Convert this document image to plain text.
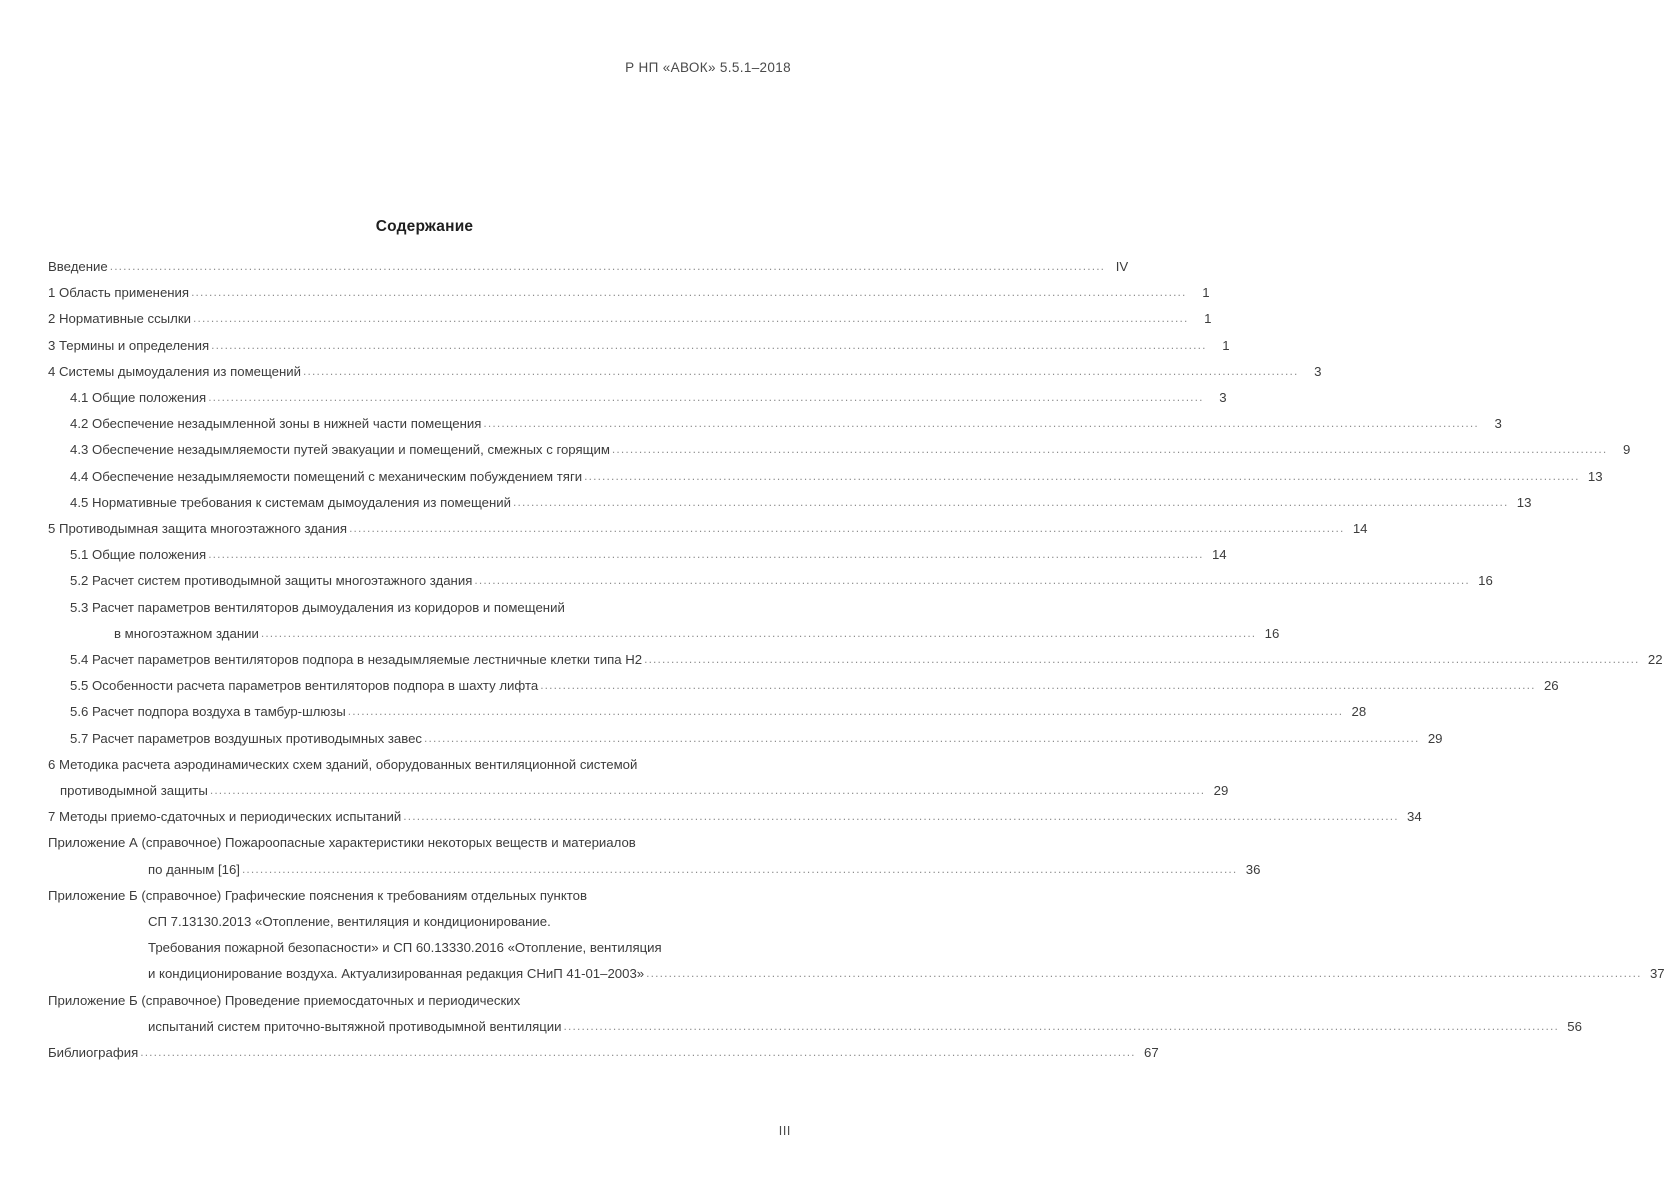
Р НП «АВОК» 5.5.1–2018
Содержание
Введение .....	IV
1 Область применения .....	1
2 Нормативные ссылки .....	1
3 Термины и определения .....	1
4 Системы дымоудаления из помещений .....	3
4.1 Общие положения .....	3
4.2 Обеспечение незадымленной зоны в нижней части помещения .....	3
4.3 Обеспечение незадымляемости путей эвакуации и помещений, смежных с горящим .....	9
4.4 Обеспечение незадымляемости помещений с механическим побуждением тяги .....	13
4.5 Нормативные требования к системам дымоудаления из помещений .....	13
5 Противодымная защита многоэтажного здания .....	14
5.1 Общие положения .....	14
5.2 Расчет систем противодымной защиты многоэтажного здания .....	16
5.3 Расчет параметров вентиляторов дымоудаления из коридоров и помещений
в многоэтажном здании .....	16
5.4 Расчет параметров вентиляторов подпора в незадымляемые лестничные клетки типа Н2 .....	22
5.5 Особенности расчета параметров вентиляторов подпора в шахту лифта .....	26
5.6 Расчет подпора воздуха в тамбур-шлюзы .....	28
5.7 Расчет параметров воздушных противодымных завес .....	29
6 Методика расчета аэродинамических схем зданий, оборудованных вентиляционной системой
противодымной защиты .....	29
7 Методы приемо-сдаточных и периодических испытаний .....	34
Приложение А (справочное) Пожароопасные характеристики некоторых веществ и материалов
по данным [16] .....	36
Приложение Б (справочное) Графические пояснения к требованиям отдельных пунктов
СП 7.13130.2013 «Отопление, вентиляция и кондиционирование.
Требования пожарной безопасности» и СП 60.13330.2016 «Отопление, вентиляция
и кондиционирование воздуха. Актуализированная редакция СНиП 41-01–2003» .....	37
Приложение Б (справочное) Проведение приемосдаточных и периодических
испытаний систем приточно-вытяжной противодымной вентиляции .....	56
Библиография .....	67
III
